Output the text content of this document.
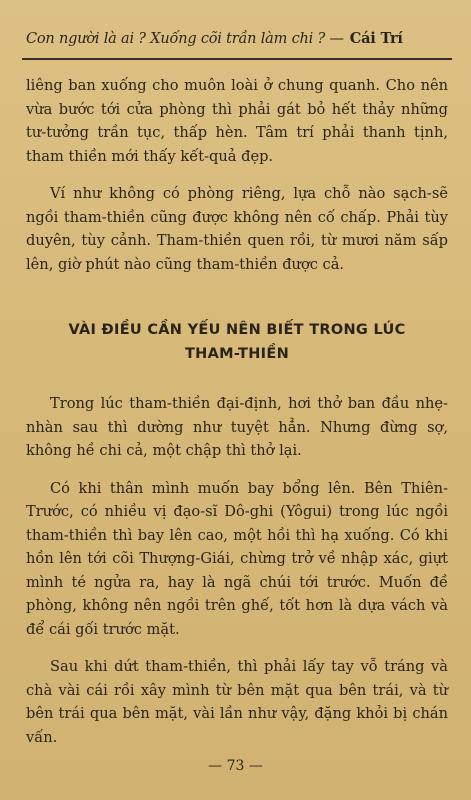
Con người là ai ? Xuống cõi trần làm chi ? — Cái Trí

liêng ban xuống cho muôn loài ở chung quanh. Cho nên vừa bước tới cửa phòng thì phải gát bỏ hết thảy những tư-tưởng trần tục, thấp hèn. Tâm trí phải thanh tịnh, tham thiền mới thấy kết-quả đẹp.

Ví như không có phòng riêng, lựa chỗ nào sạch-sẽ ngồi tham-thiền cũng được không nên cố chấp. Phải tùy duyên, tùy cảnh. Tham-thiền quen rồi, từ mươi năm sấp lên, giờ phút nào cũng tham-thiền được cả.

VÀI ĐIỀU CẦN YẾU NÊN BIẾT TRONG LÚC
THAM-THIỀN

Trong lúc tham-thiền đại-định, hơi thở ban đầu nhẹ-nhàn sau thì dường như tuyệt hẳn. Nhưng đừng sợ, không hề chi cả, một chập thì thở lại.

Có khi thân mình muốn bay bổng lên. Bên Thiên-Trước, có nhiều vị đạo-sĩ Dô-ghi (Yôgui) trong lúc ngồi tham-thiền thì bay lên cao, một hồi thì hạ xuống. Có khi hồn lên tới cõi Thượng-Giái, chừng trở về nhập xác, giựt mình té ngửa ra, hay là ngã chúi tới trước. Muốn đề phòng, không nên ngồi trên ghế, tốt hơn là dựa vách và để cái gối trước mặt.

Sau khi dứt tham-thiền, thì phải lấy tay vỗ tráng và chà vài cái rồi xây mình từ bên mặt qua bên trái, và từ bên trái qua bên mặt, vài lần như vậy, đặng khỏi bị chán vấn.

— 73 —
